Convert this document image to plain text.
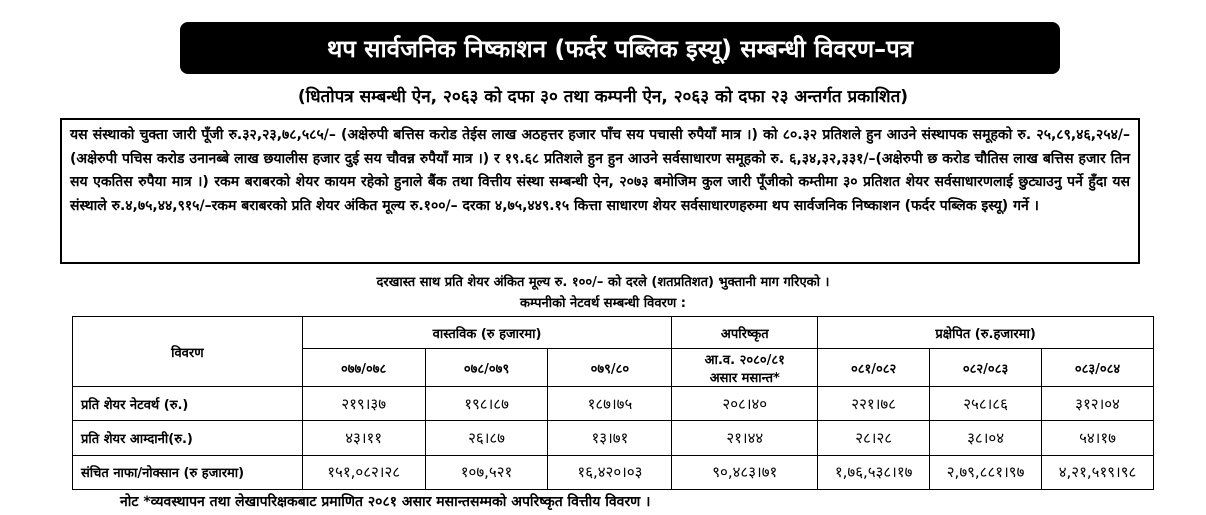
थप सार्वजनिक निष्काशन (फर्दर पब्लिक इस्यू) सम्बन्धी विवरण–पत्र
(धितोपत्र सम्बन्धी ऐन, २०६३ को दफा ३० तथा कम्पनी ऐन, २०६३ को दफा २३ अन्तर्गत प्रकाशित)
यस संस्थाको चुक्ता जारी पूँजी रु.३२,२३,७८,५८५/– (अक्षेरुपी बत्तिस करोड तेईस लाख अठहत्तर हजार पाँच सय पचासी रुपैयाँ मात्र ।) को ८०.३२ प्रतिशले हुन आउने संस्थापक समूहको रु. २५,८९,४६,२५४/– (अक्षेरुपी पचिस करोड उनानब्बे लाख छयालीस हजार दुई सय चौवन्न रुपैयाँ मात्र ।) र १९.६८ प्रतिशले हुन हुन आउने सर्वसाधारण समूहको रु. ६,३४,३२,३३१/–(अक्षेरुपी छ करोड चौतिस लाख बत्तिस हजार तिन सय एकतिस रुपैया मात्र ।) रकम बराबरको शेयर कायम रहेको हुनाले बैंक तथा वित्तीय संस्था सम्बन्धी ऐन, २०७३ बमोजिम कुल जारी पूँजीको कम्तीमा ३० प्रतिशत शेयर सर्वसाधारणलाई छुट्याउनु पर्ने हुँदा यस संस्थाले रु.४,७५,४४,९१५/–रकम बराबरको प्रति शेयर अंकित मूल्य रु.१००/– दरका ४,७५,४४९.१५ कित्ता साधारण शेयर सर्वसाधारणहरुमा थप सार्वजनिक निष्काशन (फर्दर पब्लिक इस्यू) गर्ने ।
दरखास्त साथ प्रति शेयर अंकित मूल्य रु. १००/– को दरले (शतप्रतिशत) भुक्तानी माग गरिएको ।
कम्पनीको नेटवर्थ सम्बन्धी विवरण :
विवरण	वास्तविक (रु हजारमा)			अपरिष्कृत	प्रक्षेपित (रु.हजारमा)		
	०७७/०७८	०७८/०७९	०७९/८०	आ.व. २०८०/८१
असार मसान्त*	०८१/०८२	०८२/०८३	०८३/०८४
प्रति शेयर नेटवर्थ (रु.)	२१९।३७	१९८।८७	१८७।७५	२०८।४०	२२१।७८	२५८।८६	३१२।०४
प्रति शेयर आम्दानी(रु.)	४३।११	२६।८७	१३।७१	२१।४४	२८।२८	३८।०४	५४।१७
संचित नाफा/नोक्सान (रु हजारमा)	१५१,०८२।२८	१०७,५२१	१६,४२०।०३	९०,४८३।७१	१,७६,५३८।१७	२,७९,८८१।९७	४,२१,५१९।९८
नोट *व्यवस्थापन तथा लेखापरिक्षकबाट प्रमाणित २०८१ असार मसान्तसम्मको अपरिष्कृत वित्तीय विवरण ।
